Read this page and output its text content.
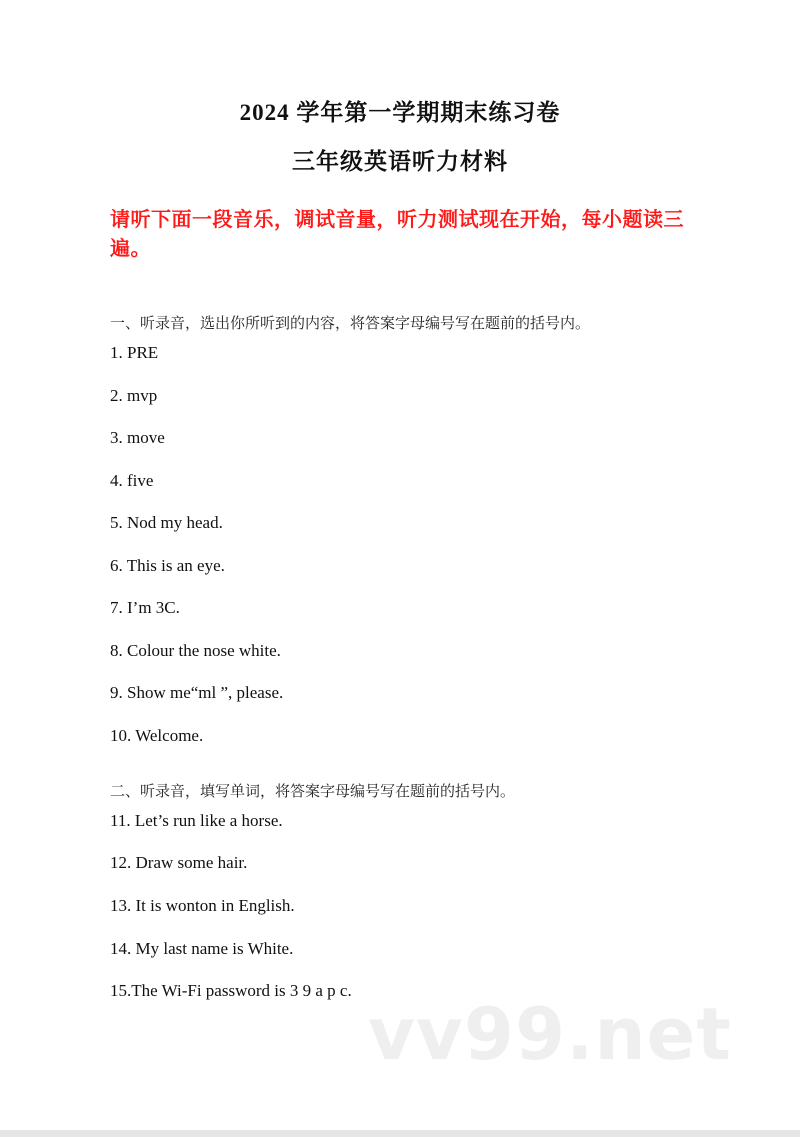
2024 学年第一学期期末练习卷
三年级英语听力材料
请听下面一段音乐，调试音量，听力测试现在开始，每小题读三遍。
一、听录音，选出你所听到的内容，将答案字母编号写在题前的括号内。
1. PRE
2. mvp
3. move
4. five
5. Nod my head.
6. This is an eye.
7. I’m 3C.
8. Colour the nose white.
9. Show me“ml ”, please.
10. Welcome.
二、听录音，填写单词，将答案字母编号写在题前的括号内。
11. Let’s run like a horse.
12. Draw some hair.
13. It is wonton in English.
14. My last name is White.
15.The Wi-Fi password is 3 9 a p c.
vv99.net
